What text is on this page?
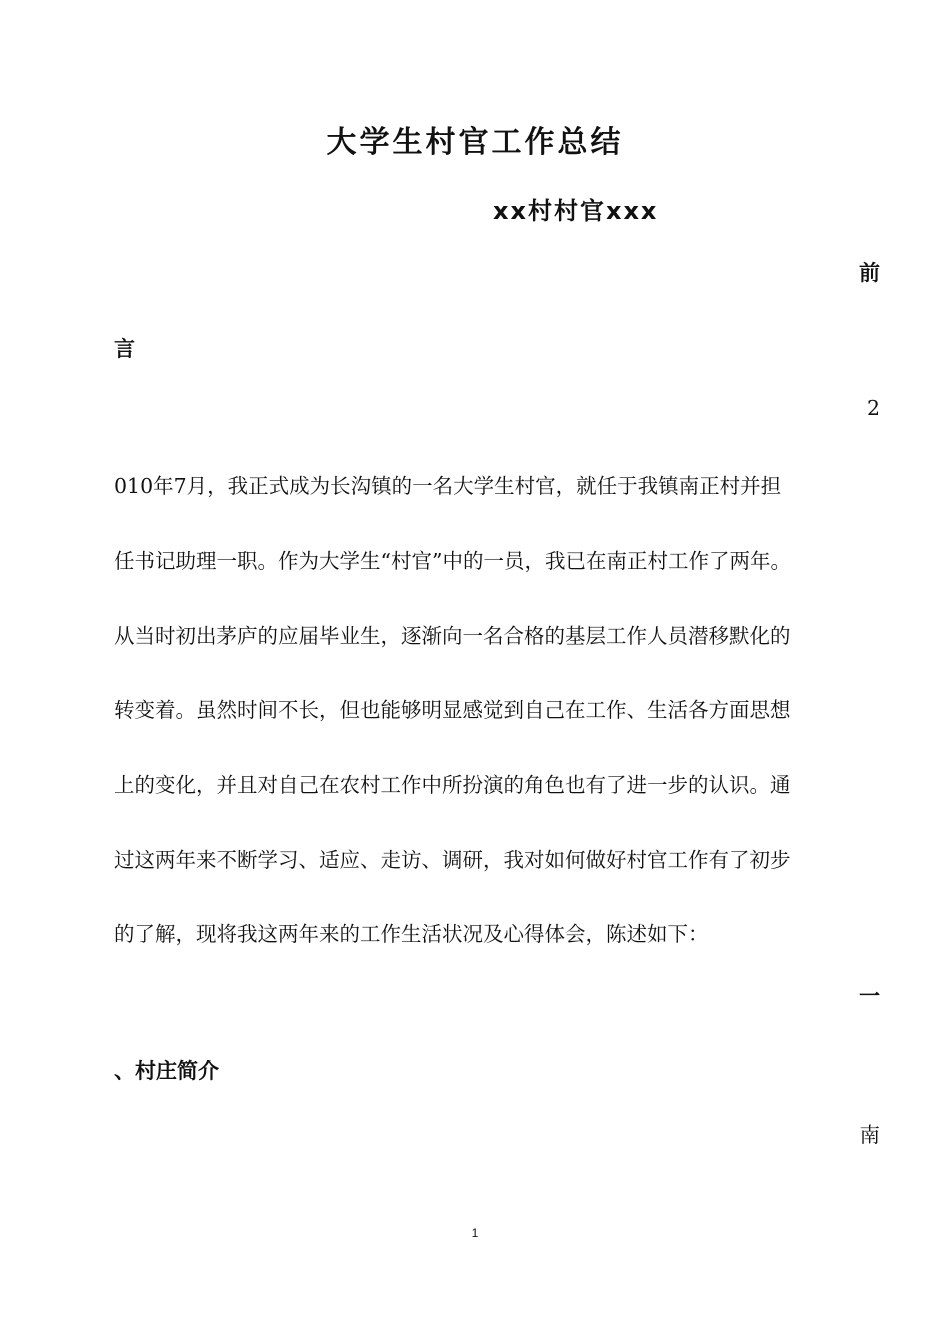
大学生村官工作总结
xx村村官xxx
前
言
2
010年7月，我正式成为长沟镇的一名大学生村官，就任于我镇南正村并担
任书记助理一职。作为大学生“村官”中的一员，我已在南正村工作了两年。
从当时初出茅庐的应届毕业生，逐渐向一名合格的基层工作人员潜移默化的
转变着。虽然时间不长，但也能够明显感觉到自己在工作、生活各方面思想
上的变化，并且对自己在农村工作中所扮演的角色也有了进一步的认识。通
过这两年来不断学习、适应、走访、调研，我对如何做好村官工作有了初步
的了解，现将我这两年来的工作生活状况及心得体会，陈述如下：
一
、村庄简介
南
1
